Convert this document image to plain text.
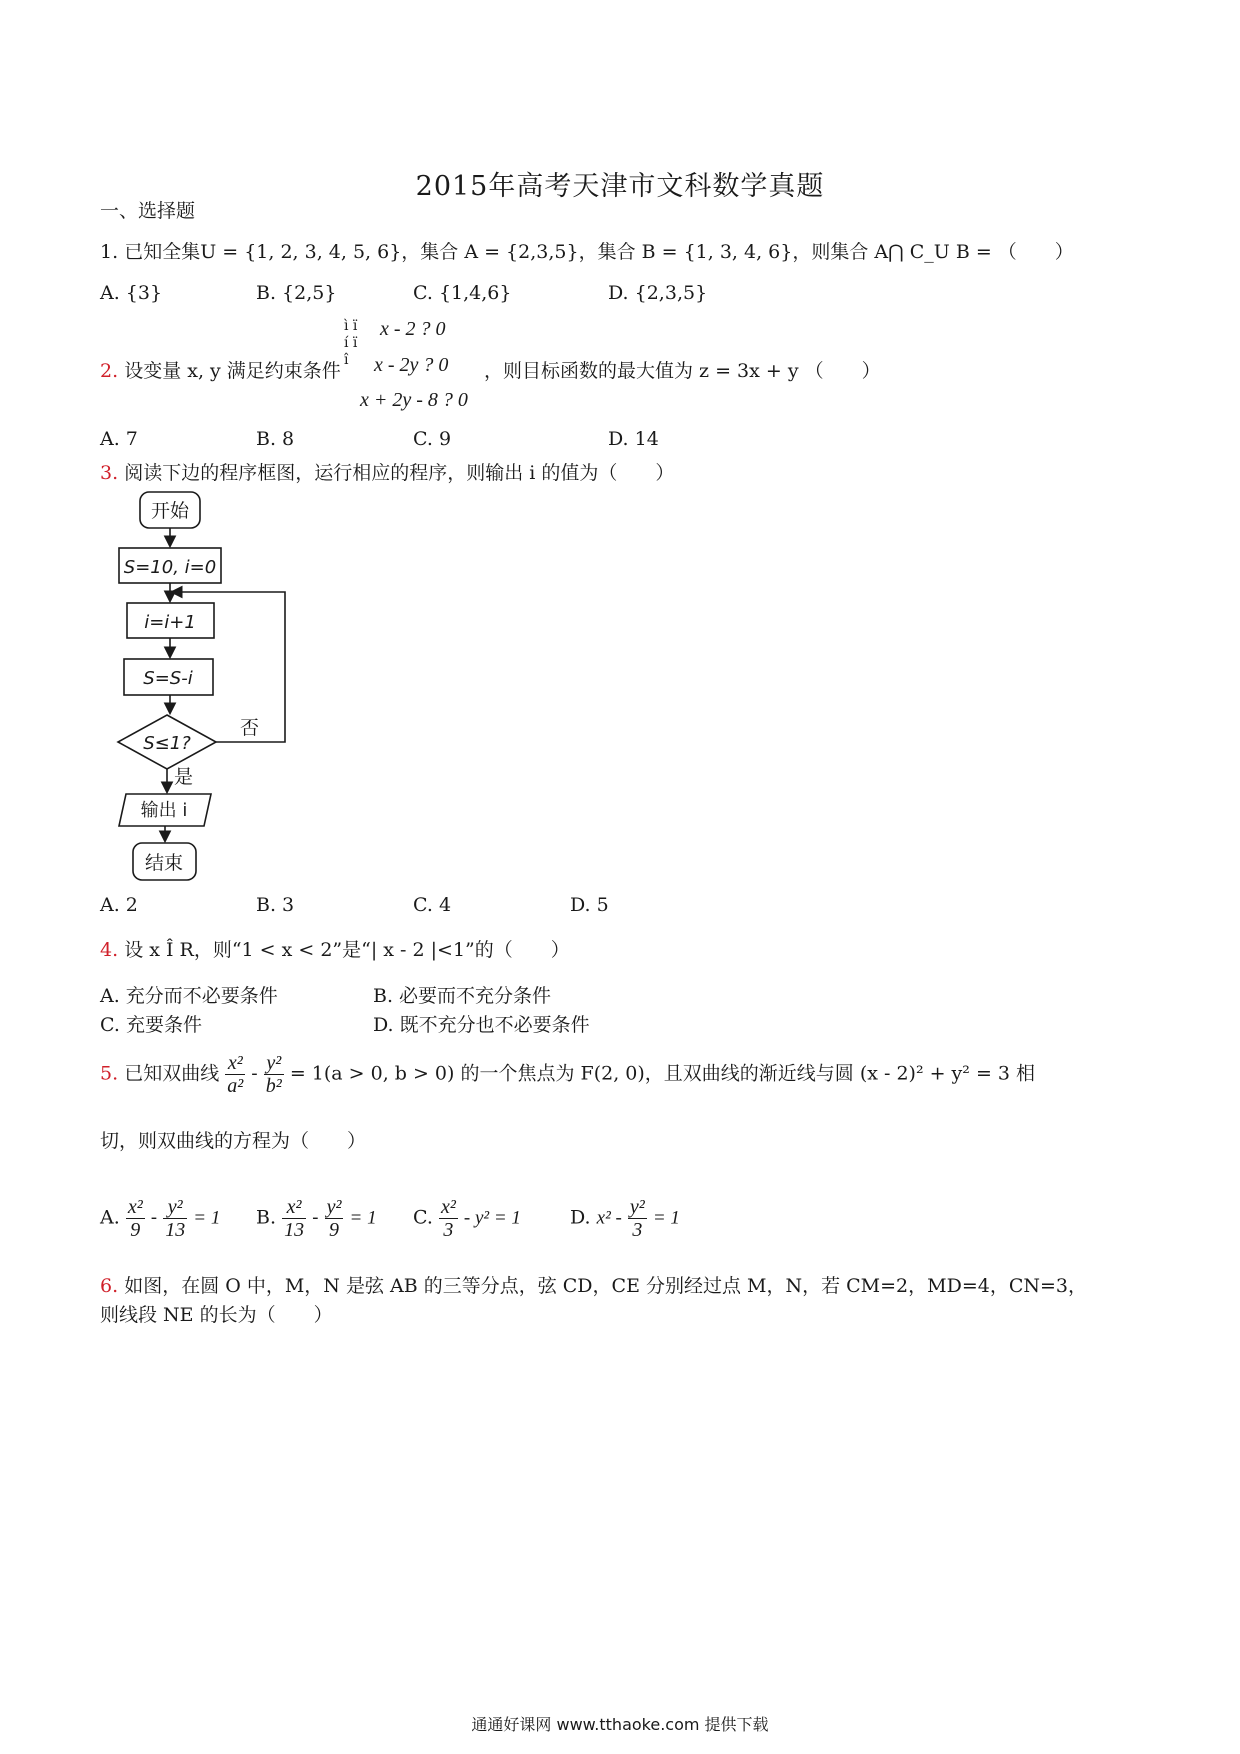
2015年高考天津市文科数学真题
一、选择题
1. 已知全集U = {1, 2, 3, 4, 5, 6}，集合 A = {2,3,5}，集合 B = {1, 3, 4, 6}，则集合 A⋂ C_U B = （　　）
A. {3}	B. {2,5}	C. {1,4,6}	D. {2,3,5}
2. 设变量 x, y 满足约束条件
ì ï í ï î
x - 2 ? 0
x - 2y ? 0
x + 2y - 8 ? 0
，则目标函数的最大值为 z = 3x + y （　　）
A. 7	B. 8	C. 9	D. 14
3. 阅读下边的程序框图，运行相应的程序，则输出 i 的值为（　　）
开始
S=10, i=0
i=i+1
S=S-i
S≤1?
否
是
输出 i
结束
A. 2	B. 3	C. 4	D. 5
4. 设 x Î R，则“1 < x < 2”是“| x - 2 |<1”的（　　）
A. 充分而不必要条件	B. 必要而不充分条件
C. 充要条件	D. 既不充分也不必要条件
5. 已知双曲线 $\frac{\text{x²}}{\text{a²}} - \frac{\text{y²}}{\text{b²}} = 1(a > 0$, b > 0) 的一个焦点为 F(2, 0)，且双曲线的渐近线与圆 (x - 2)² + y² = 3 相
切，则双曲线的方程为（　　）
A. $\frac{\text{x²}}{9} - \frac{\text{y²}}{13} = 1$ B. $\frac{\text{x²}}{13} - \frac{\text{y²}}{9} = 1$ C. $\frac{\text{x²}}{3} - y^2 = 1$	D. $x^2 - \frac{\text{y²}}{3} = 1$
6. 如图，在圆 O 中，M，N 是弦 AB 的三等分点，弦 CD，CE 分别经过点 M，N，若 CM=2，MD=4，CN=3，
则线段 NE 的长为（　　）
通通好课网 www.tthaoke.com 提供下载
